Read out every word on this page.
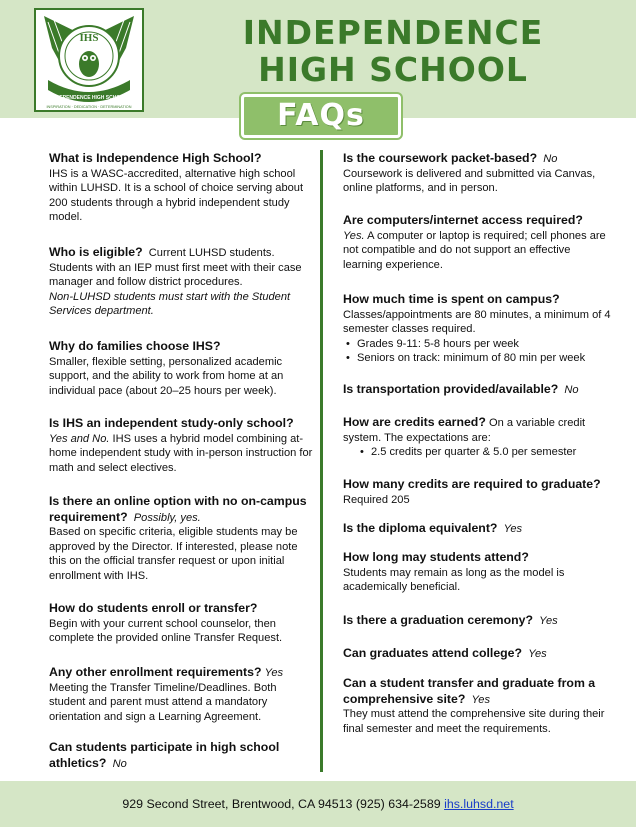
IHS
INDEPENDENCE HIGH SCHOOL
INSPIRATION · DEDICATION · DETERMINATION
INDEPENDENCE
HIGH SCHOOL
FAQs
What is Independence High School?
IHS is a WASC-accredited, alternative high school within LUHSD. It is a school of choice serving about 200 students through a hybrid independent study model.
Who is eligible? Current LUHSD students.
Students with an IEP must first meet with their case manager and follow district procedures.
Non-LUHSD students must start with the Student Services department.
Why do families choose IHS?
Smaller, flexible setting, personalized academic support, and the ability to work from home at an individual pace (about 20–25 hours per week).
Is IHS an independent study-only school?
Yes and No. IHS uses a hybrid model combining at-home independent study with in-person instruction for math and select electives.
Is there an online option with no on-campus requirement? Possibly, yes.
Based on specific criteria, eligible students may be approved by the Director. If interested, please note this on the official transfer request or upon initial enrollment with IHS.
How do students enroll or transfer?
Begin with your current school counselor, then complete the provided online Transfer Request.
Any other enrollment requirements? Yes
Meeting the Transfer Timeline/Deadlines. Both student and parent must attend a mandatory orientation and sign a Learning Agreement.
Can students participate in high school athletics? No
Is the coursework packet-based? No
Coursework is delivered and submitted via Canvas, online platforms, and in person.
Are computers/internet access required?
Yes. A computer or laptop is required; cell phones are not compatible and do not support an effective learning experience.
How much time is spent on campus?
Classes/appointments are 80 minutes, a minimum of 4 semester classes required.
• Grades 9-11: 5-8 hours per week
• Seniors on track: minimum of 80 min per week
Is transportation provided/available? No
How are credits earned? On a variable credit system. The expectations are:
• 2.5 credits per quarter & 5.0 per semester
How many credits are required to graduate?  Required 205
Is the diploma equivalent? Yes
How long may students attend?
Students may remain as long as the model is academically beneficial.
Is there a graduation ceremony? Yes
Can graduates attend college? Yes
Can a student transfer and graduate from a comprehensive site? Yes
They must attend the comprehensive site during their final semester and meet the requirements.
929 Second Street, Brentwood, CA 94513 (925) 634-2589 ihs.luhsd.net
